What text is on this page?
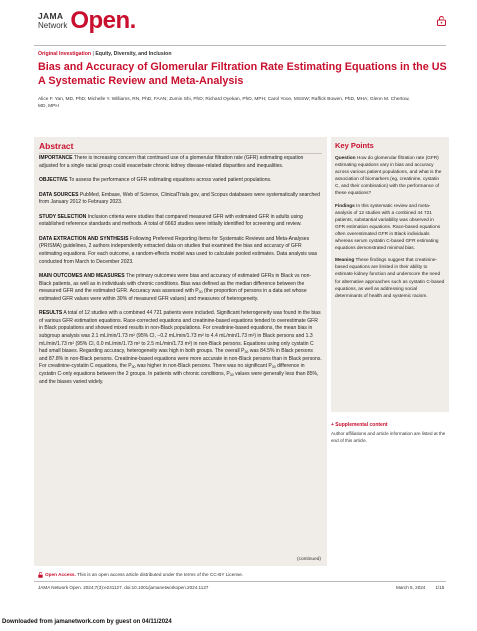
JAMA
Network Open.
Original Investigation | Equity, Diversity, and Inclusion
Bias and Accuracy of Glomerular Filtration Rate Estimating Equations in the US A Systematic Review and Meta-Analysis
Alice F. Yan, MD, PhD; Michelle Y. Williams, RN, PhD, FAAN; Zumin Shi, PhD; Richard Oyekan, PhD, MPH; Carol Yoon, MSSW; Raffick Bowen, PhD, MHA; Glenn M. Chertow, MD, MPH
Abstract

IMPORTANCE There is increasing concern that continued use of a glomerular filtration rate (GFR) estimating equation adjusted for a single racial group could exacerbate chronic kidney disease-related disparities and inequalities.

OBJECTIVE To assess the performance of GFR estimating equations across varied patient populations.

DATA SOURCES PubMed, Embase, Web of Science, ClinicalTrials.gov, and Scopus databases were systematically searched from January 2012 to February 2023.

STUDY SELECTION Inclusion criteria were studies that compared measured GFR with estimated GFR in adults using established reference standards and methods. A total of 6663 studies were initially identified for screening and review.

DATA EXTRACTION AND SYNTHESIS Following Preferred Reporting Items for Systematic Reviews and Meta-Analyses (PRISMA) guidelines, 2 authors independently extracted data on studies that examined the bias and accuracy of GFR estimating equations. For each outcome, a random-effects model was used to calculate pooled estimates. Data analysis was conducted from March to December 2023.

MAIN OUTCOMES AND MEASURES The primary outcomes were bias and accuracy of estimated GFRs in Black vs non-Black patients, as well as in individuals with chronic conditions. Bias was defined as the median difference between the measured GFR and the estimated GFR. Accuracy was assessed with $P_{30}$ (the proportion of persons in a data set whose estimated GFR values were within 30% of measured GFR values) and measures of heterogeneity.

RESULTS A total of 12 studies with a combined 44 721 patients were included. Significant heterogeneity was found in the bias of various GFR estimation equations. Race-corrected equations and creatinine-based equations tended to overestimate GFR in Black populations and showed mixed results in non-Black populations. For creatinine-based equations, the mean bias in subgroup analysis was 2.1 mL/min/1.73 m² (95% CI, −0.2 mL/min/1.73 m² to 4.4 mL/min/1.73 m²) in Black persons and 1.3 mL/min/1.73 m² (95% CI, 0.0 mL/min/1.73 m² to 2.5 mL/min/1.73 m²) in non-Black persons. Equations using only cystatin C had small biases. Regarding accuracy, heterogeneity was high in both groups. The overall $P_{30}$ was 84.5% in Black persons and 87.8% in non-Black persons. Creatinine-based equations were more accurate in non-Black persons than in Black persons. For creatinine-cystatin C equations, the $P_{30}$ was higher in non-Black persons. There was no significant $P_{30}$ difference in cystatin C-only equations between the 2 groups. In patients with chronic conditions, $P_{30}$ values were generally less than 85%, and the biases varied widely.

(continued)
Key Points

Question How do glomerular filtration rate (GFR) estimating equations vary in bias and accuracy across various patient populations, and what is the association of biomarkers (eg, creatinine, cystatin C, and their combination) with the performance of these equations?

Findings In this systematic review and meta-analysis of 12 studies with a combined 44 721 patients, substantial variability was observed in GFR estimation equations. Race-based equations often overestimated GFR in Black individuals whereas serum cystatin C-based GFR estimating equations demonstrated minimal bias.

Meaning These findings suggest that creatinine-based equations are limited in their ability to estimate kidney function and underscore the need for alternative approaches such as cystatin C-based equations, as well as addressing social determinants of health and systemic racism.

+ Supplemental content
Author affiliations and article information are listed at the end of this article.
Open Access. This is an open access article distributed under the terms of the CC-BY License.
JAMA Network Open. 2024;7(3):e241127. doi:10.1001/jamanetworkopen.2024.1127	March 5, 2024 1/15
Downloaded from jamanetwork.com by guest on 04/11/2024
